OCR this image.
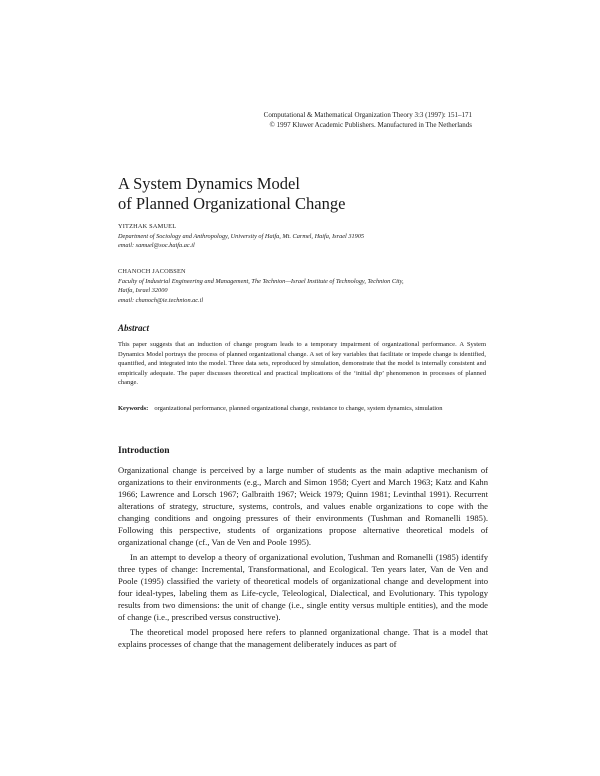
Computational & Mathematical Organization Theory 3:3 (1997): 151–171
© 1997 Kluwer Academic Publishers. Manufactured in The Netherlands
A System Dynamics Model
of Planned Organizational Change
YITZHAK SAMUEL
Department of Sociology and Anthropology, University of Haifa, Mt. Carmel, Haifa, Israel 31905
email: samuel@soc.haifa.ac.il
CHANOCH JACOBSEN
Faculty of Industrial Engineering and Management, The Technion—Israel Institute of Technology, Technion City,
Haifa, Israel 32000
email: chanoch@ie.technion.ac.il
Abstract
This paper suggests that an induction of change program leads to a temporary impairment of organizational performance. A System Dynamics Model portrays the process of planned organizational change. A set of key variables that facilitate or impede change is identified, quantified, and integrated into the model. Three data sets, reproduced by simulation, demonstrate that the model is internally consistent and empirically adequate. The paper discusses theoretical and practical implications of the ‘initial dip’ phenomenon in processes of planned change.
Keywords: organizational performance, planned organizational change, resistance to change, system dynamics, simulation
Introduction

Organizational change is perceived by a large number of students as the main adaptive mechanism of organizations to their environments (e.g., March and Simon 1958; Cyert and March 1963; Katz and Kahn 1966; Lawrence and Lorsch 1967; Galbraith 1967; Weick 1979; Quinn 1981; Levinthal 1991). Recurrent alterations of strategy, structure, systems, controls, and values enable organizations to cope with the changing conditions and ongoing pressures of their environments (Tushman and Romanelli 1985). Following this perspective, students of organizations propose alternative theoretical models of organizational change (cf., Van de Ven and Poole 1995).

In an attempt to develop a theory of organizational evolution, Tushman and Romanelli (1985) identify three types of change: Incremental, Transformational, and Ecological. Ten years later, Van de Ven and Poole (1995) classified the variety of theoretical models of organizational change and development into four ideal-types, labeling them as Life-cycle, Teleological, Dialectical, and Evolutionary. This typology results from two dimensions: the unit of change (i.e., single entity versus multiple entities), and the mode of change (i.e., prescribed versus constructive).

The theoretical model proposed here refers to planned organizational change. That is a model that explains processes of change that the management deliberately induces as part of
